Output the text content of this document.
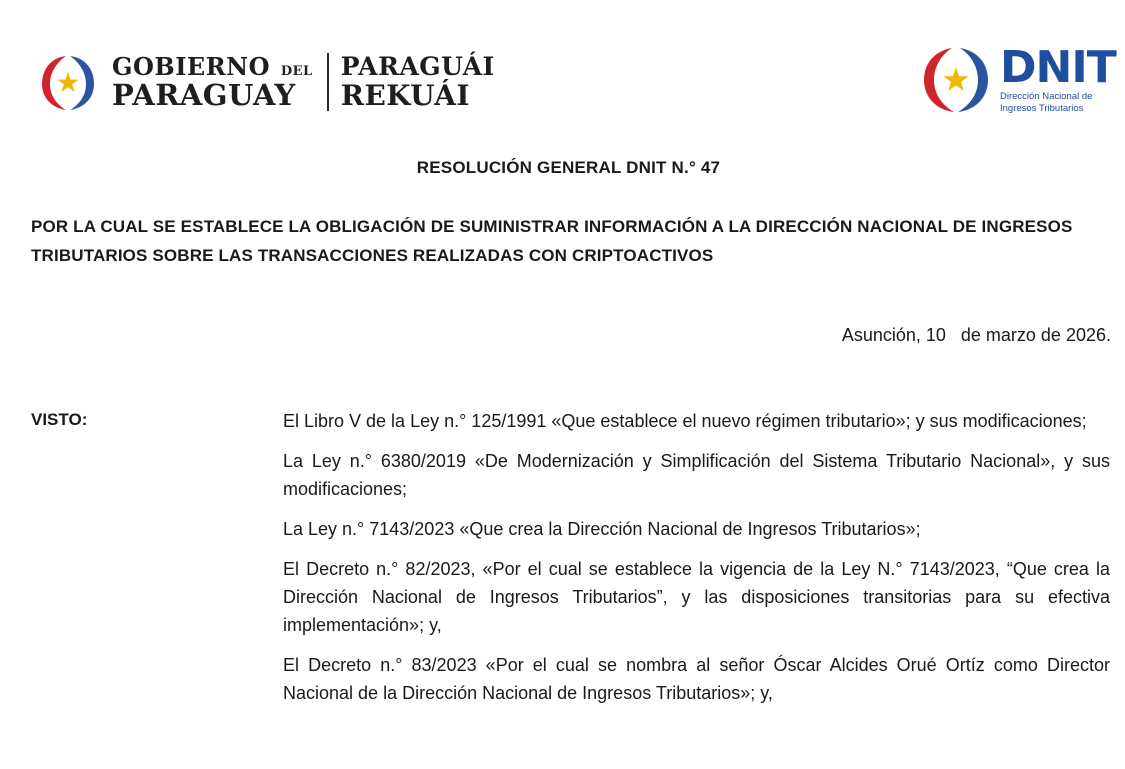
GOBIERNO DEL
PARAGUAY
PARAGUÁI
REKUÁI
DNIT
Dirección Nacional de
Ingresos Tributarios
RESOLUCIÓN GENERAL DNIT N.° 47
POR LA CUAL SE ESTABLECE LA OBLIGACIÓN DE SUMINISTRAR INFORMACIÓN A LA DIRECCIÓN NACIONAL DE INGRESOS TRIBUTARIOS SOBRE LAS TRANSACCIONES REALIZADAS CON CRIPTOACTIVOS
Asunción, 10   de marzo de 2026.
VISTO:	El Libro V de la Ley n.° 125/1991 «Que establece el nuevo régimen tributario»; y sus modificaciones;

La Ley n.° 6380/2019 «De Modernización y Simplificación del Sistema Tributario Nacional», y sus modificaciones;

La Ley n.° 7143/2023 «Que crea la Dirección Nacional de Ingresos Tributarios»;

El Decreto n.° 82/2023, «Por el cual se establece la vigencia de la Ley N.° 7143/2023, “Que crea la Dirección Nacional de Ingresos Tributarios”, y las disposiciones transitorias para su efectiva implementación»; y,

El Decreto n.° 83/2023 «Por el cual se nombra al señor Óscar Alcides Orué Ortíz como Director Nacional de la Dirección Nacional de Ingresos Tributarios»; y,
